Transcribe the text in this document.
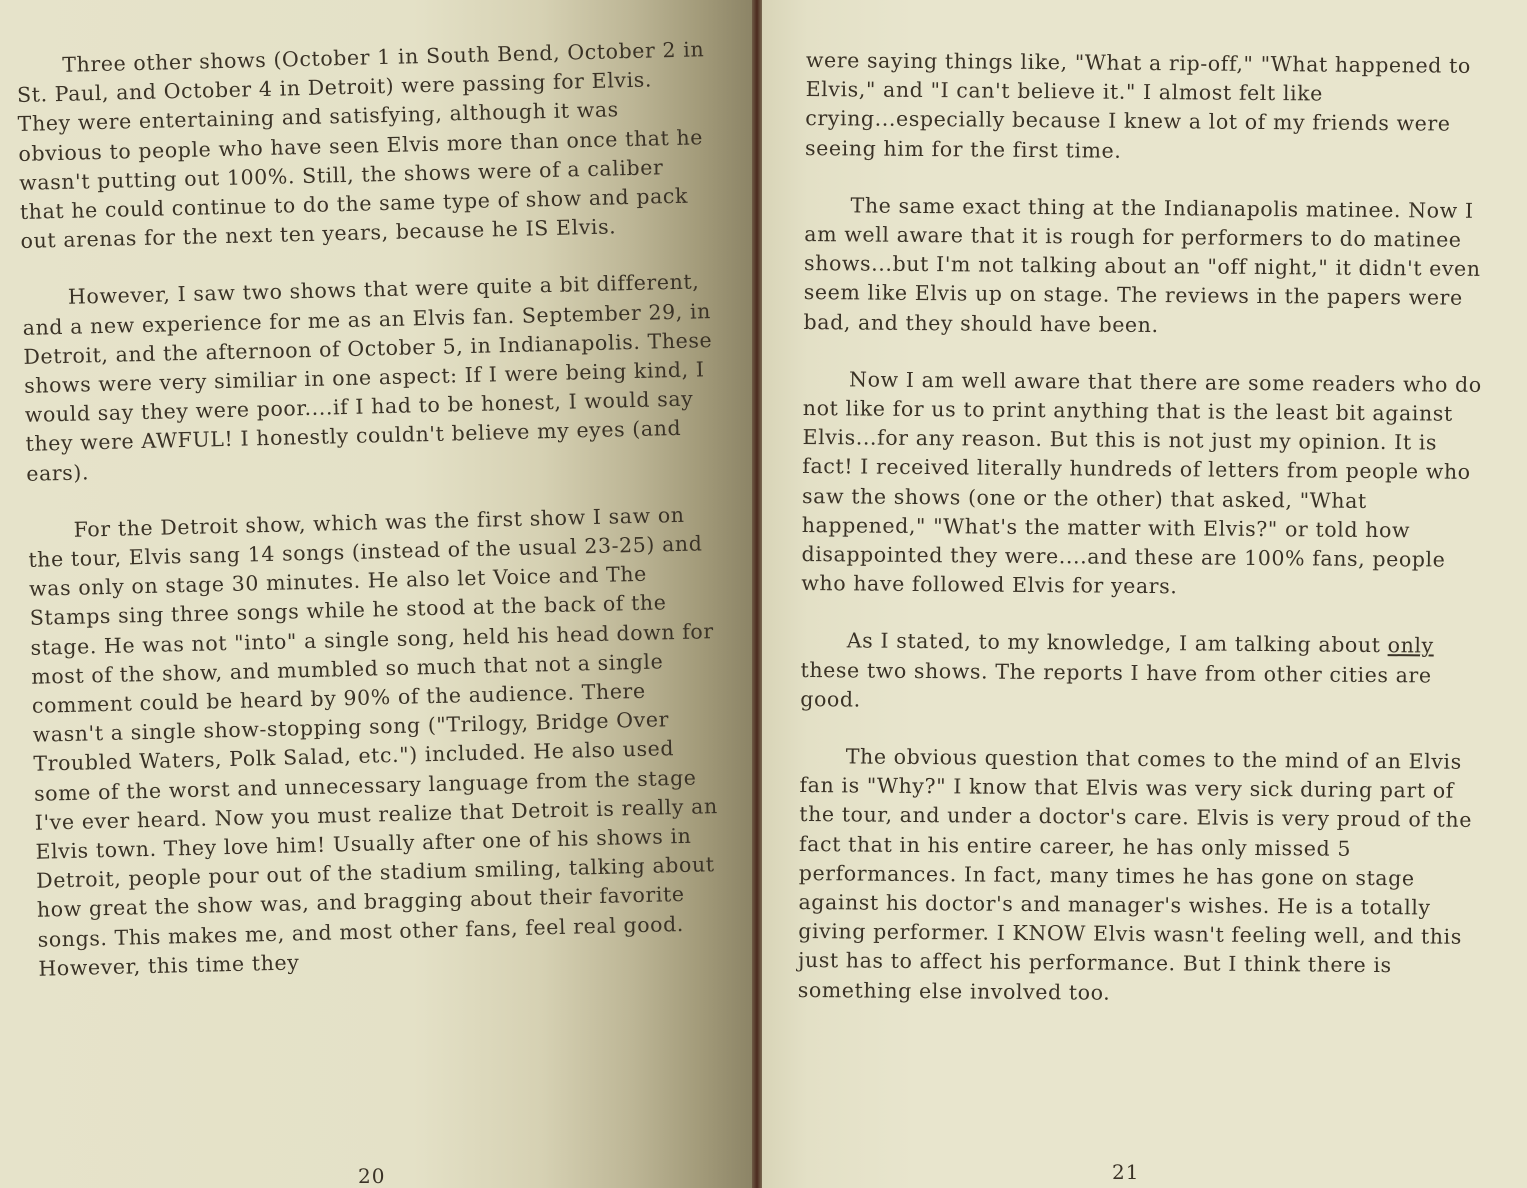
Three other shows (October 1 in South Bend, October 2 in St. Paul, and October 4 in Detroit) were passing for Elvis. They were entertaining and satisfying, although it was obvious to people who have seen Elvis more than once that he wasn't putting out 100%. Still, the shows were of a caliber that he could continue to do the same type of show and pack out arenas for the next ten years, because he IS Elvis.

However, I saw two shows that were quite a bit different, and a new experience for me as an Elvis fan. September 29, in Detroit, and the afternoon of October 5, in Indianapolis. These shows were very similiar in one aspect: If I were being kind, I would say they were poor....if I had to be honest, I would say they were AWFUL! I honestly couldn't believe my eyes (and ears).

For the Detroit show, which was the first show I saw on the tour, Elvis sang 14 songs (instead of the usual 23-25) and was only on stage 30 minutes. He also let Voice and The Stamps sing three songs while he stood at the back of the stage. He was not "into" a single song, held his head down for most of the show, and mumbled so much that not a single comment could be heard by 90% of the audience. There wasn't a single show-stopping song ("Trilogy, Bridge Over Troubled Waters, Polk Salad, etc.") included. He also used some of the worst and unnecessary language from the stage I've ever heard. Now you must realize that Detroit is really an Elvis town. They love him! Usually after one of his shows in Detroit, people pour out of the stadium smiling, talking about how great the show was, and bragging about their favorite songs. This makes me, and most other fans, feel real good. However, this time they

20

were saying things like, "What a rip-off," "What happened to Elvis," and "I can't believe it." I almost felt like crying...especially because I knew a lot of my friends were seeing him for the first time.

The same exact thing at the Indianapolis matinee. Now I am well aware that it is rough for performers to do matinee shows...but I'm not talking about an "off night," it didn't even seem like Elvis up on stage. The reviews in the papers were bad, and they should have been.

Now I am well aware that there are some readers who do not like for us to print anything that is the least bit against Elvis...for any reason. But this is not just my opinion. It is fact! I received literally hundreds of letters from people who saw the shows (one or the other) that asked, "What happened," "What's the matter with Elvis?" or told how disappointed they were....and these are 100% fans, people who have followed Elvis for years.

As I stated, to my knowledge, I am talking about only these two shows. The reports I have from other cities are good.

The obvious question that comes to the mind of an Elvis fan is "Why?" I know that Elvis was very sick during part of the tour, and under a doctor's care. Elvis is very proud of the fact that in his entire career, he has only missed 5 performances. In fact, many times he has gone on stage against his doctor's and manager's wishes. He is a totally giving performer. I KNOW Elvis wasn't feeling well, and this just has to affect his performance. But I think there is something else involved too.

21
